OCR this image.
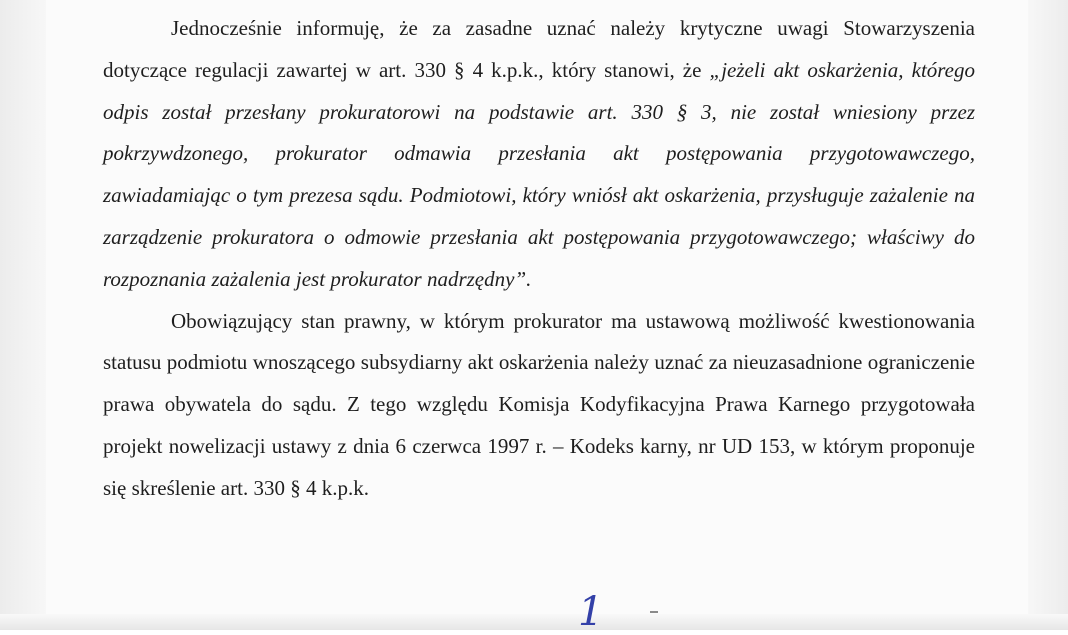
Jednocześnie informuję, że za zasadne uznać należy krytyczne uwagi Stowarzyszenia dotyczące regulacji zawartej w art. 330 § 4 k.p.k., który stanowi, że „jeżeli akt oskarżenia, którego odpis został przesłany prokuratorowi na podstawie art. 330 § 3, nie został wniesiony przez pokrzywdzonego, prokurator odmawia przesłania akt postępowania przygotowawczego, zawiadamiając o tym prezesa sądu. Podmiotowi, który wniósł akt oskarżenia, przysługuje zażalenie na zarządzenie prokuratora o odmowie przesłania akt postępowania przygotowawczego; właściwy do rozpoznania zażalenia jest prokurator nadrzędny”.

Obowiązujący stan prawny, w którym prokurator ma ustawową możliwość kwestionowania statusu podmiotu wnoszącego subsydiarny akt oskarżenia należy uznać za nieuzasadnione ograniczenie prawa obywatela do sądu. Z tego względu Komisja Kodyfikacyjna Prawa Karnego przygotowała projekt nowelizacji ustawy z dnia 6 czerwca 1997 r. – Kodeks karny, nr UD 153, w którym proponuje się skreślenie art. 330 § 4 k.p.k.

1
